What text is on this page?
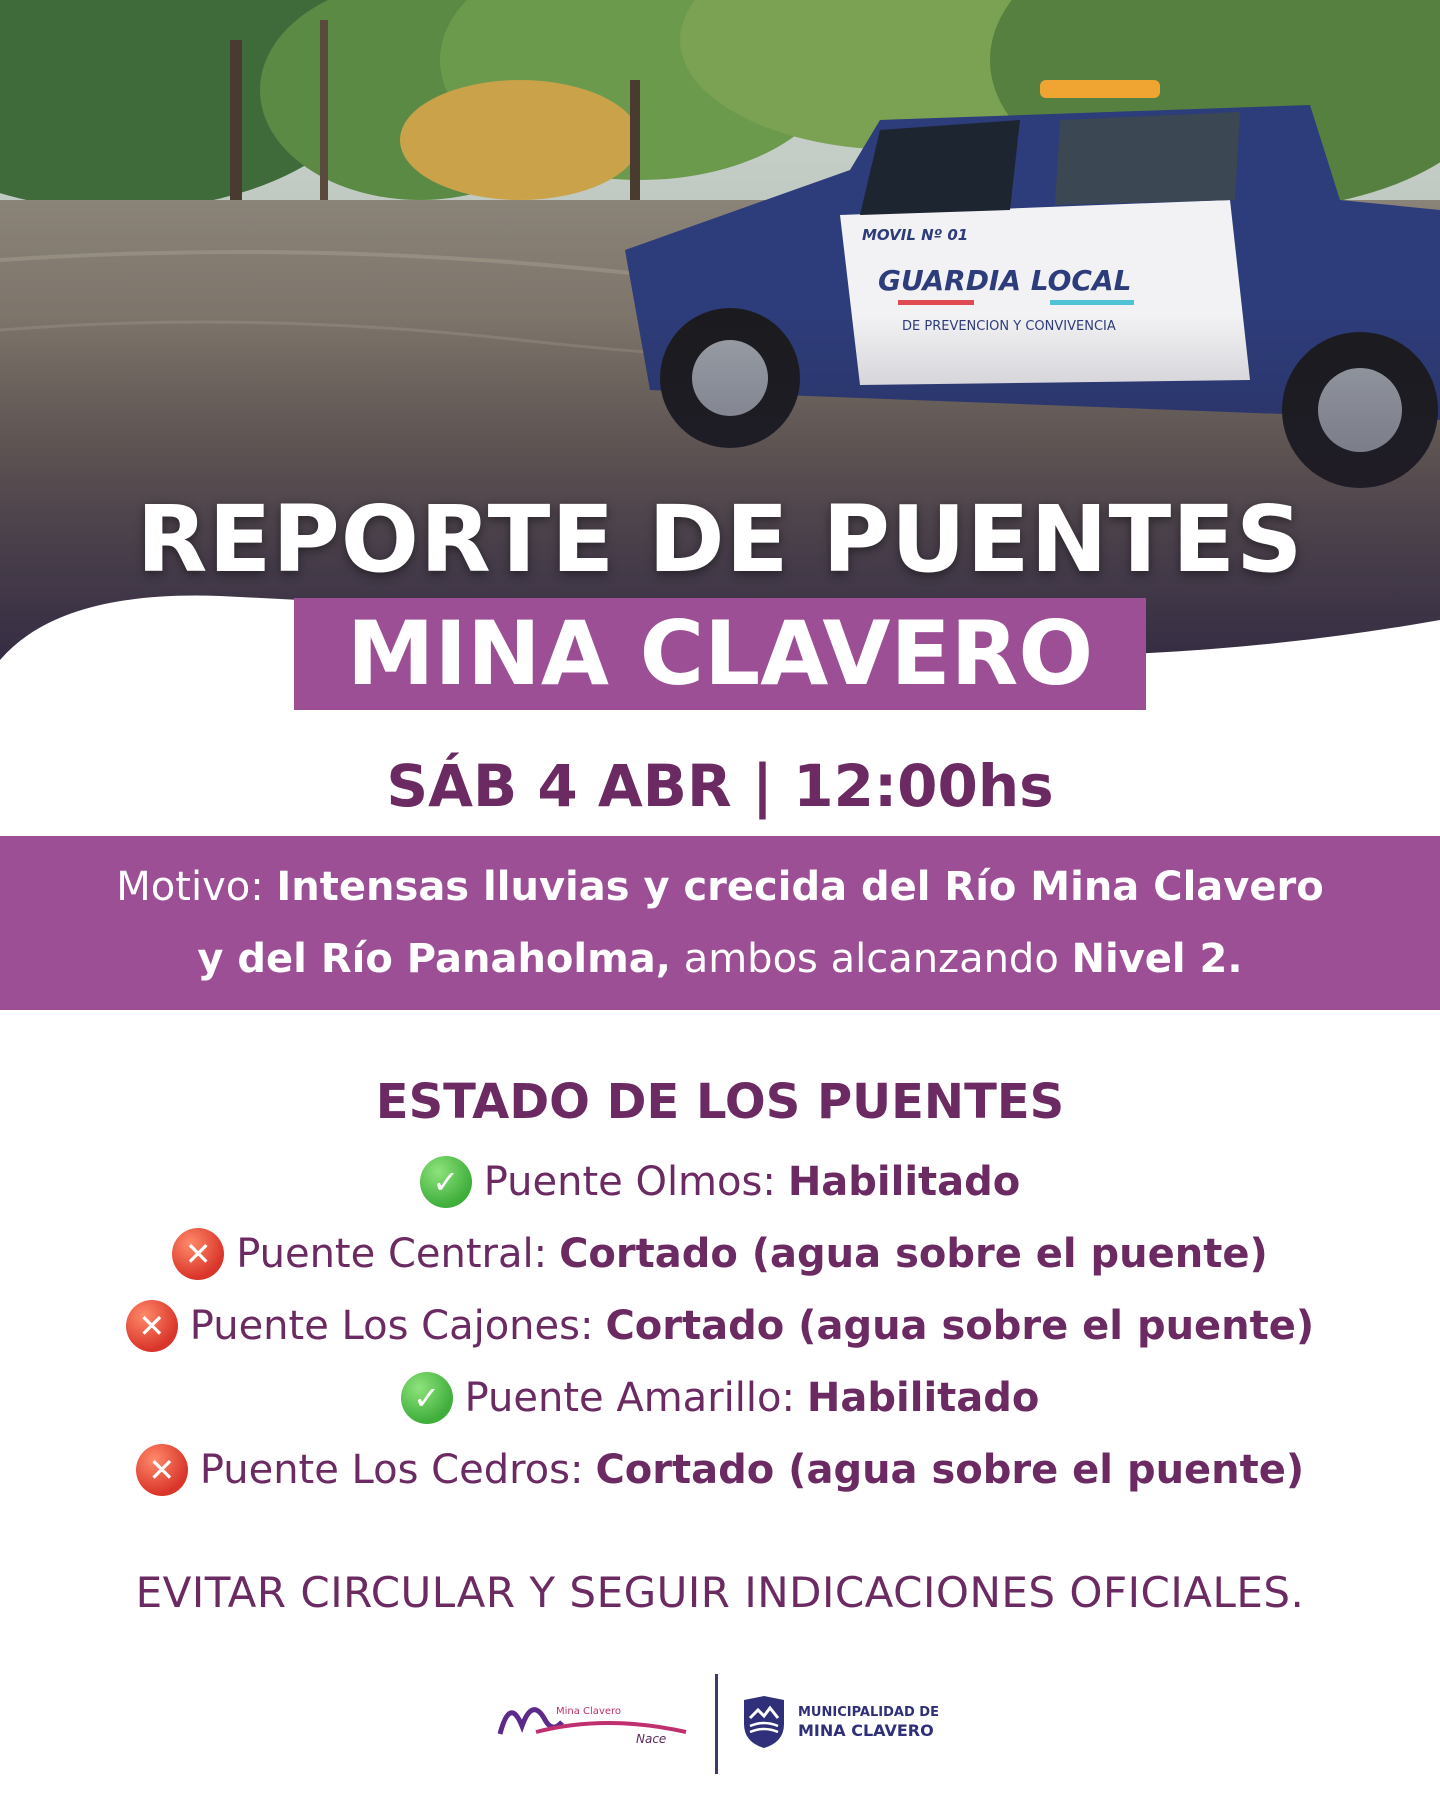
REPORTE DE PUENTES
MINA CLAVERO
SÁB 4 ABR | 12:00hs
Motivo: Intensas lluvias y crecida del Río Mina Clavero
y del Río Panaholma, ambos alcanzando Nivel 2.
ESTADO DE LOS PUENTES
✓ Puente Olmos: Habilitado
✕ Puente Central: Cortado (agua sobre el puente)
✕ Puente Los Cajones: Cortado (agua sobre el puente)
✓ Puente Amarillo: Habilitado
✕ Puente Los Cedros: Cortado (agua sobre el puente)
EVITAR CIRCULAR Y SEGUIR INDICACIONES OFICIALES.
Mina Clavero
Nace
MUNICIPALIDAD DE
MINA CLAVERO
